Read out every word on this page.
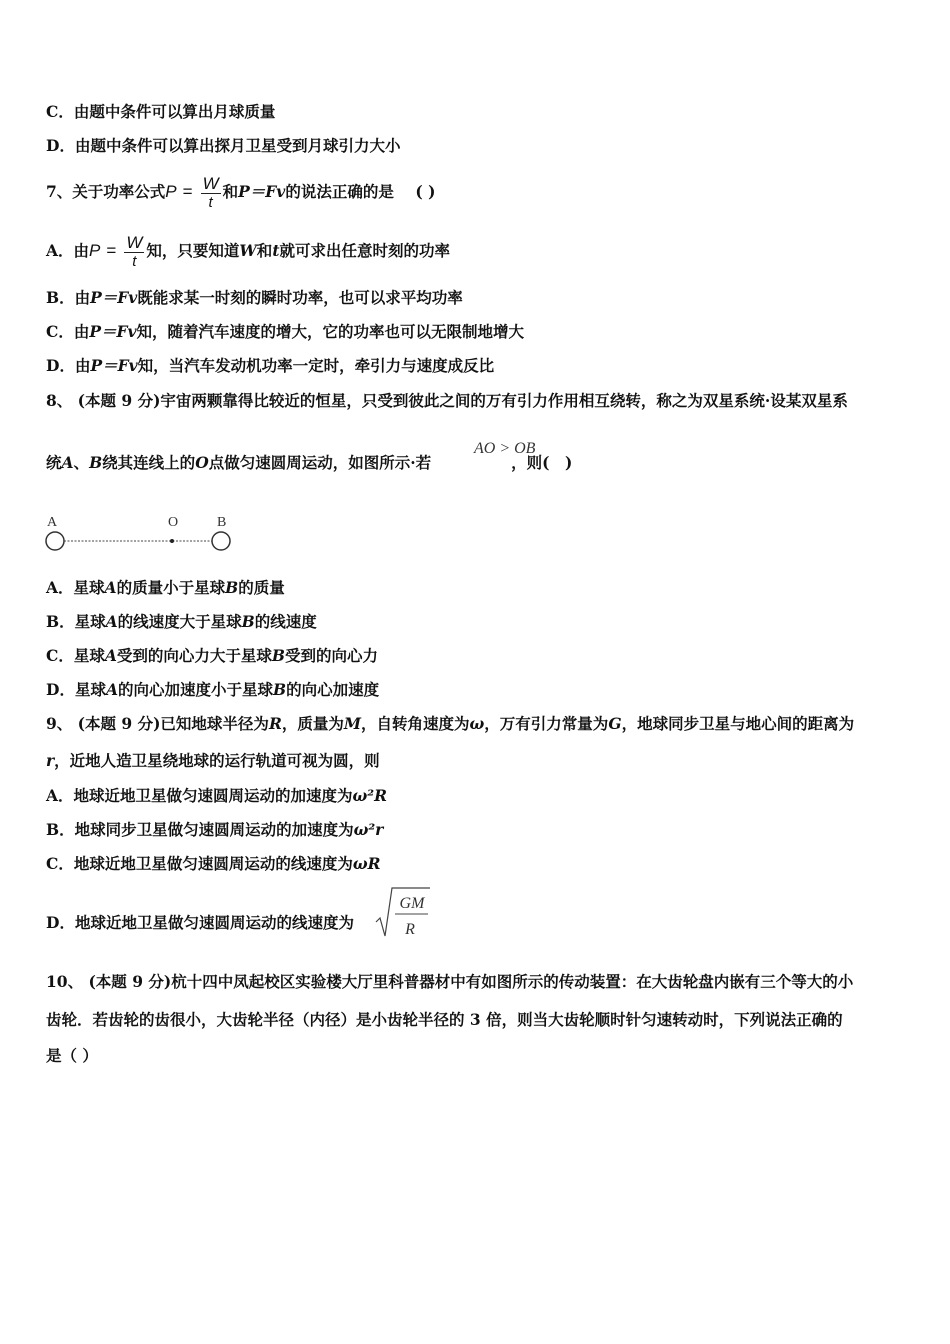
C．由题中条件可以算出月球质量
D．由题中条件可以算出探月卫星受到月球引力大小
7、关于功率公式$P = \frac{W}{t}$ 和P＝Fv的说法正确的是 ( )
A．由$P = \frac{W}{t}$ 知，只要知道W和t就可求出任意时刻的功率
B．由P＝Fv既能求某一时刻的瞬时功率，也可以求平均功率
C．由P＝Fv知，随着汽车速度的增大，它的功率也可以无限制地增大
D．由P＝Fv知，当汽车发动机功率一定时，牵引力与速度成反比
8、 (本题 9 分)宇宙两颗靠得比较近的恒星，只受到彼此之间的万有引力作用相互绕转，称之为双星系统·设某双星系
统A、B绕其连线上的O点做匀速圆周运动，如图所示·若	，则(　)
AO > OB
A	O	B
A．星球A的质量小于星球B的质量
B．星球A的线速度大于星球B的线速度
C．星球A受到的向心力大于星球B受到的向心力
D．星球A的向心加速度小于星球B的向心加速度
9、 (本题 9 分)已知地球半径为R，质量为M，自转角速度为ω，万有引力常量为G，地球同步卫星与地心间的距离为
r，近地人造卫星绕地球的运行轨道可视为圆，则
A．地球近地卫星做匀速圆周运动的加速度为ω²R
B．地球同步卫星做匀速圆周运动的加速度为ω²r
C．地球近地卫星做匀速圆周运动的线速度为ωR
D．地球近地卫星做匀速圆周运动的线速度为
GM
R
10、 (本题 9 分)杭十四中凤起校区实验楼大厅里科普器材中有如图所示的传动装置：在大齿轮盘内嵌有三个等大的小
齿轮．若齿轮的齿很小，大齿轮半径（内径）是小齿轮半径的 3 倍，则当大齿轮顺时针匀速转动时，下列说法正确的
是（ ）
